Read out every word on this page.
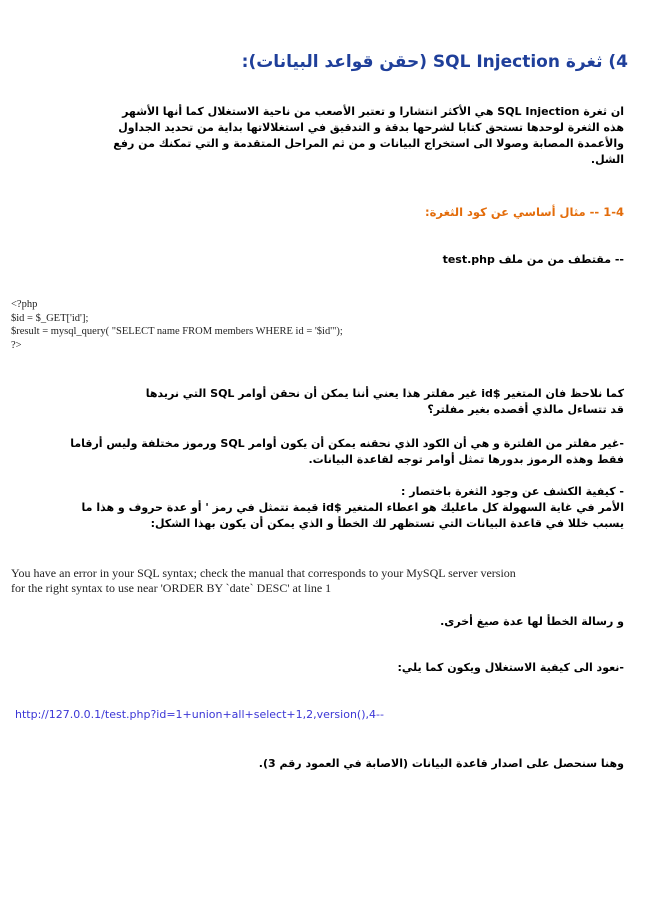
4) ثغرة SQL Injection (حقن قواعد البيانات):
ان ثغرة SQL Injection هي الأكثر انتشارا و تعتبر الأصعب من ناحية الاستغلال كما أنها الأشهر
هذه الثغرة لوحدها تستحق كتابا لشرحها بدقة و التدقيق في استغلالاتها بداية من تحديد الجداول
والأعمدة المصابة وصولا الى استخراج البيانات و من ثم المراحل المتقدمة و التي تمكنك من رفع
الشل.
1-4 -- مثال أساسي عن كود الثغرة:
-- مقتطف من من ملف test.php
<?php
$id = $_GET['id'];
$result = mysql_query( "SELECT name FROM members WHERE id = '$id'");
?>
كما نلاحظ فان المتغير $id غير مفلتر هذا يعني أننا يمكن أن نحقن أوامر SQL التي نريدها
قد تتساءل مالذي أقصده بغير مفلتر؟
-غير مفلتر من الفلترة و هي أن الكود الذي نحقنه يمكن أن يكون أوامر SQL ورموز مختلفة وليس أرقاما
فقط وهذه الرموز بدورها تمثل أوامر توجه لقاعدة البيانات.
- كيفية الكشف عن وجود الثغرة باختصار :
الأمر في غاية السهولة كل ماعليك هو اعطاء المتغير $id قيمة تتمثل في رمز ' أو عدة حروف و هذا ما
يسبب خللا في قاعدة البيانات التي تستظهر لك الخطأ و الذي يمكن أن يكون بهذا الشكل:
You have an error in your SQL syntax; check the manual that corresponds to your MySQL server version
for the right syntax to use near 'ORDER BY `date` DESC' at line 1
و رسالة الخطأ لها عدة صيغ أخرى.
-نعود الى كيفية الاستغلال ويكون كما يلي:
http://127.0.0.1/test.php?id=1+union+all+select+1,2,version(),4--
وهنا سنحصل على اصدار قاعدة البيانات (الاصابة في العمود رقم 3).
